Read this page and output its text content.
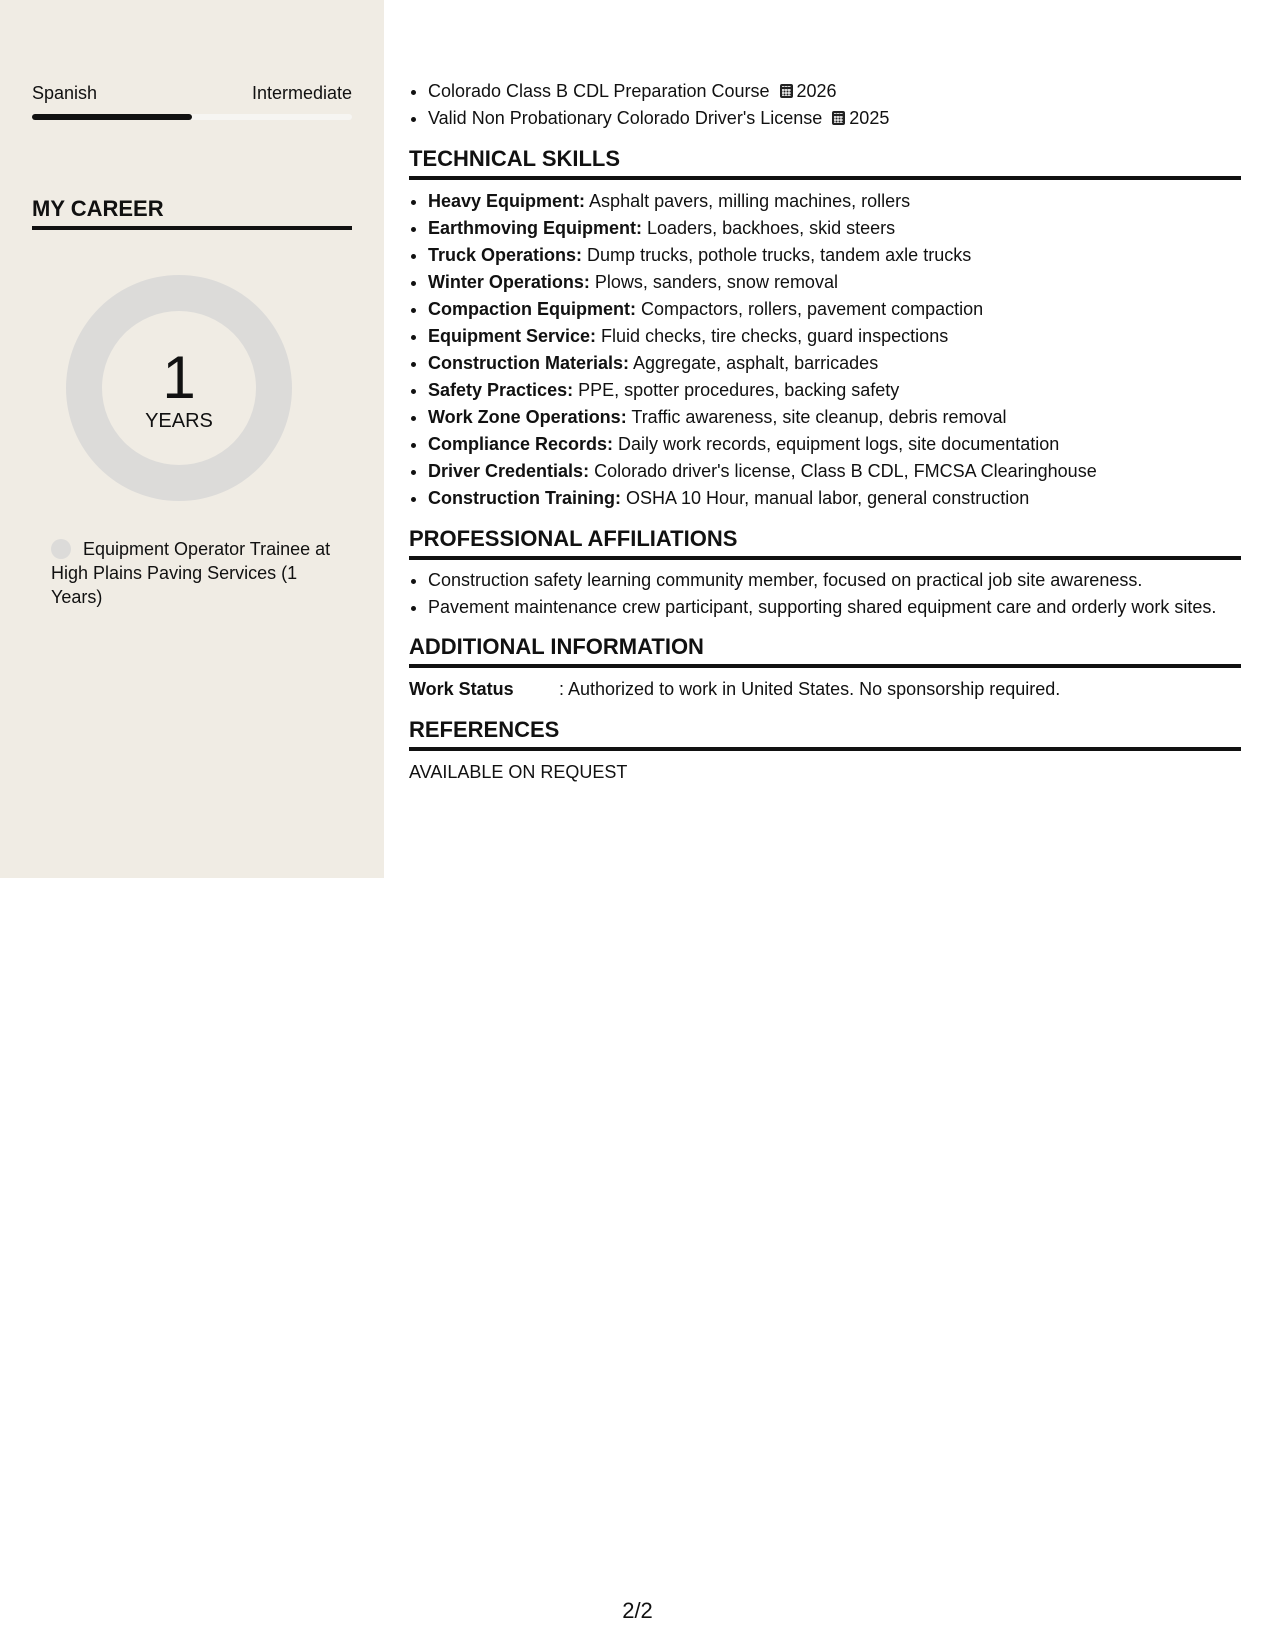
Spanish	Intermediate
MY CAREER
1
YEARS
Equipment Operator Trainee at High Plains Paving Services (1 Years)
• Colorado Class B CDL Preparation Course 2026
• Valid Non Probationary Colorado Driver's License 2025
TECHNICAL SKILLS
• Heavy Equipment: Asphalt pavers, milling machines, rollers
• Earthmoving Equipment: Loaders, backhoes, skid steers
• Truck Operations: Dump trucks, pothole trucks, tandem axle trucks
• Winter Operations: Plows, sanders, snow removal
• Compaction Equipment: Compactors, rollers, pavement compaction
• Equipment Service: Fluid checks, tire checks, guard inspections
• Construction Materials: Aggregate, asphalt, barricades
• Safety Practices: PPE, spotter procedures, backing safety
• Work Zone Operations: Traffic awareness, site cleanup, debris removal
• Compliance Records: Daily work records, equipment logs, site documentation
• Driver Credentials: Colorado driver's license, Class B CDL, FMCSA Clearinghouse
• Construction Training: OSHA 10 Hour, manual labor, general construction
PROFESSIONAL AFFILIATIONS
• Construction safety learning community member, focused on practical job site awareness.
• Pavement maintenance crew participant, supporting shared equipment care and orderly work sites.
ADDITIONAL INFORMATION
Work Status	: Authorized to work in United States. No sponsorship required.
REFERENCES
AVAILABLE ON REQUEST
2/2
